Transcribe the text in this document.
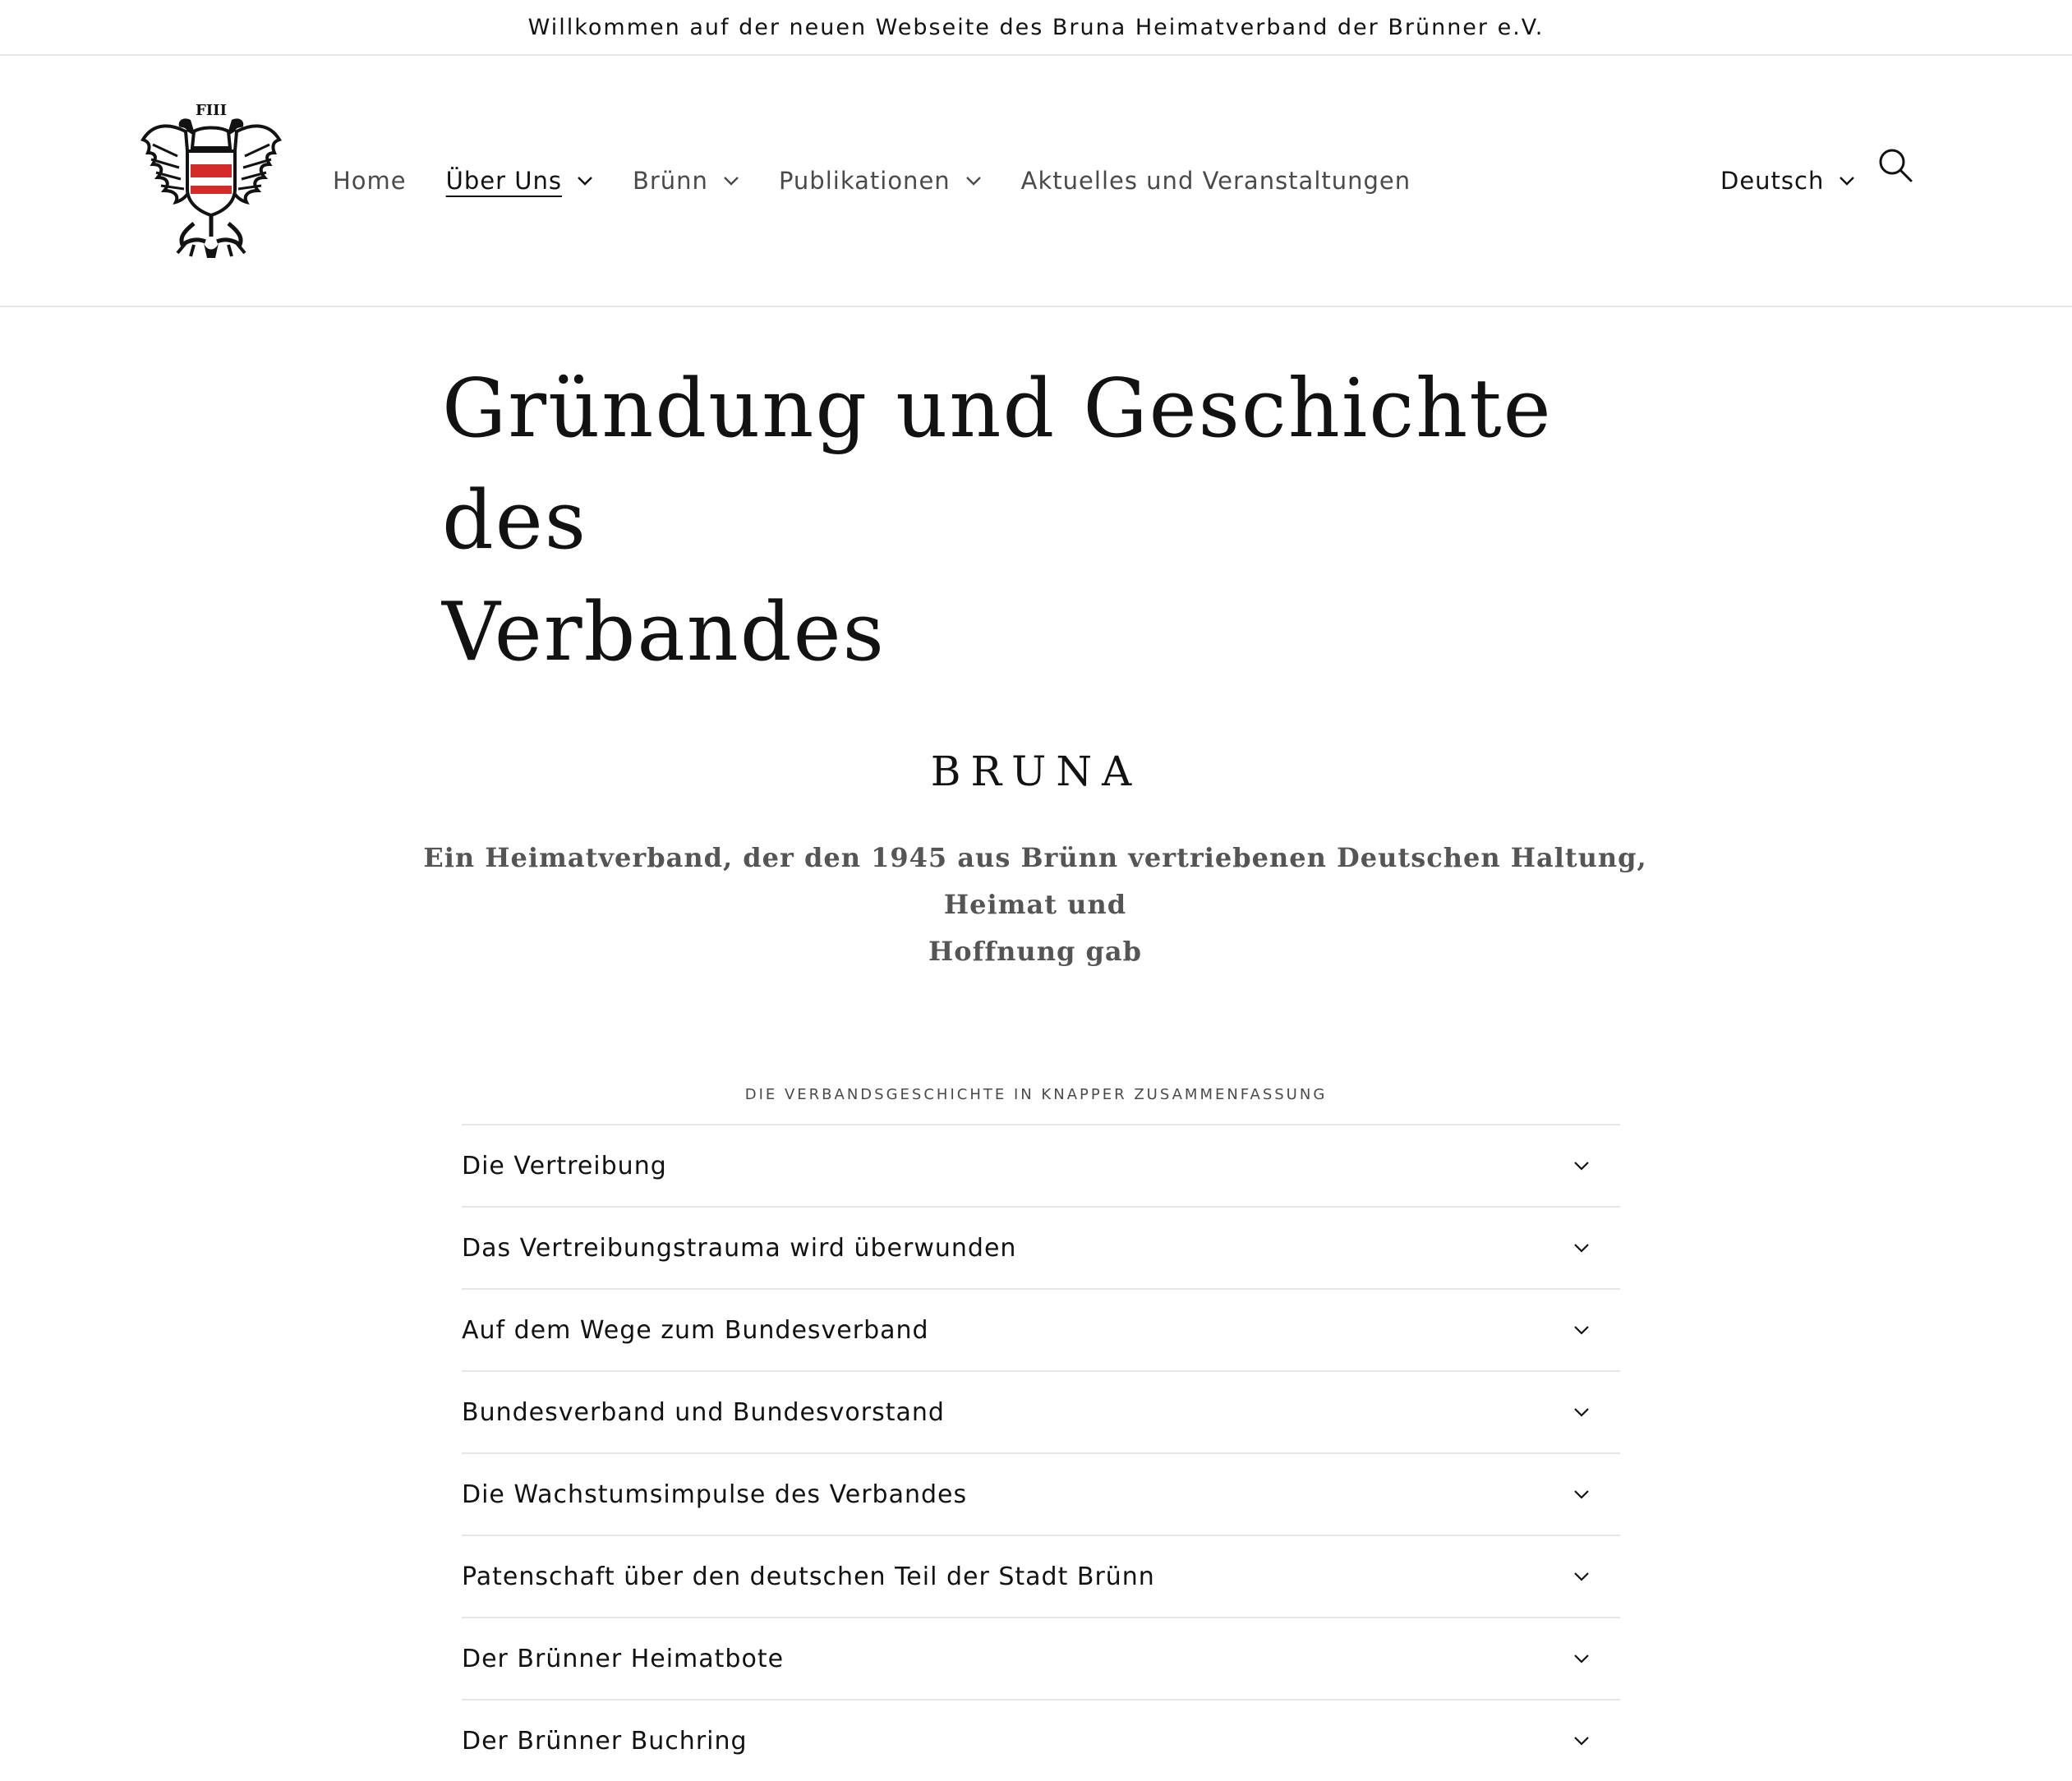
Willkommen auf der neuen Webseite des Bruna Heimatverband der Brünner e.V.
FIII
Home Über Uns	Brünn	Publikationen	Aktuelles und Veranstaltungen	Deutsch
Gründung und Geschichte des
Verbandes
BRUNA

Ein Heimatverband, der den 1945 aus Brünn vertriebenen Deutschen Haltung, Heimat und
Hoffnung gab

DIE VERBANDSGESCHICHTE IN KNAPPER ZUSAMMENFASSUNG
Die Vertreibung
Das Vertreibungstrauma wird überwunden
Auf dem Wege zum Bundesverband
Bundesverband und Bundesvorstand
Die Wachstumsimpulse des Verbandes
Patenschaft über den deutschen Teil der Stadt Brünn
Der Brünner Heimatbote
Der Brünner Buchring
